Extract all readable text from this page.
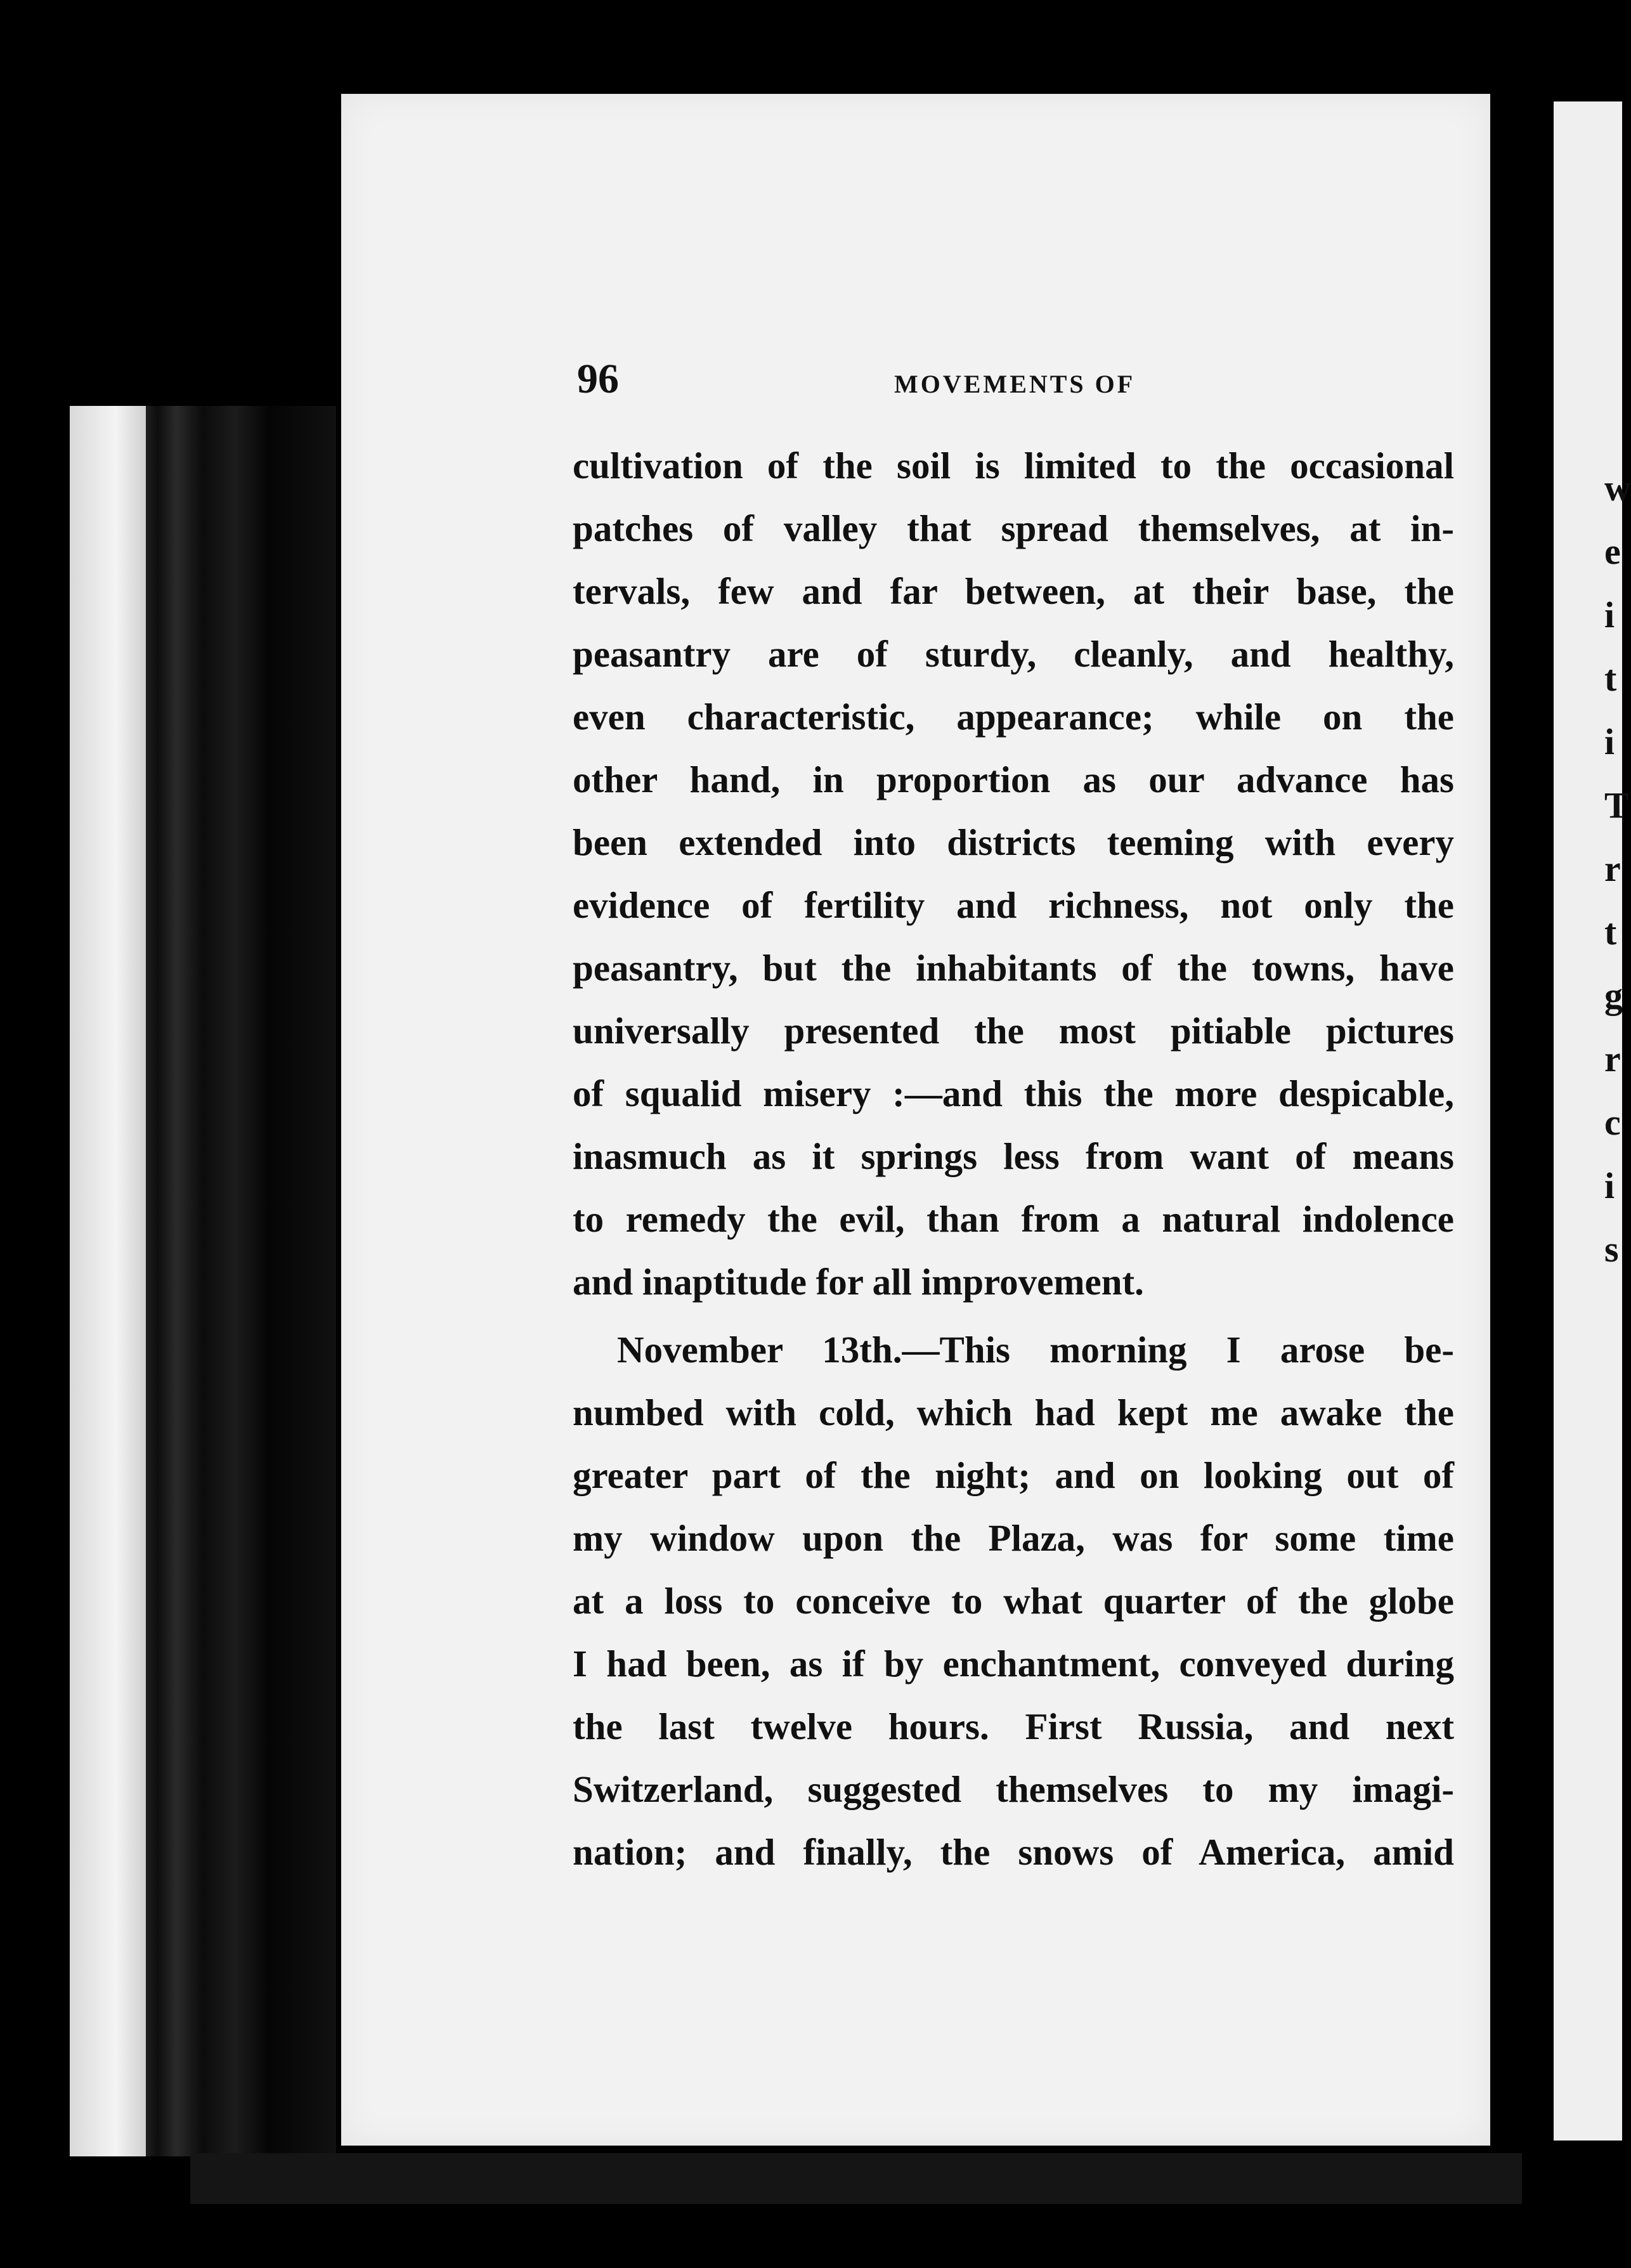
w
e
i
t
i
T
r
t
g
r
c
i
s
96	MOVEMENTS OF
cultivation of the soil is limited to the occasional
patches of valley that spread themselves, at in-
tervals, few and far between, at their base, the
peasantry are of sturdy, cleanly, and healthy,
even characteristic, appearance; while on the
other hand, in proportion as our advance has
been extended into districts teeming with every
evidence of fertility and richness, not only the
peasantry, but the inhabitants of the towns, have
universally presented the most pitiable pictures
of squalid misery :—and this the more despicable,
inasmuch as it springs less from want of means
to remedy the evil, than from a natural indolence
and inaptitude for all improvement.
November 13th.—This morning I arose be-
numbed with cold, which had kept me awake the
greater part of the night; and on looking out of
my window upon the Plaza, was for some time
at a loss to conceive to what quarter of the globe
I had been, as if by enchantment, conveyed during
the last twelve hours. First Russia, and next
Switzerland, suggested themselves to my imagi-
nation; and finally, the snows of America, amid
